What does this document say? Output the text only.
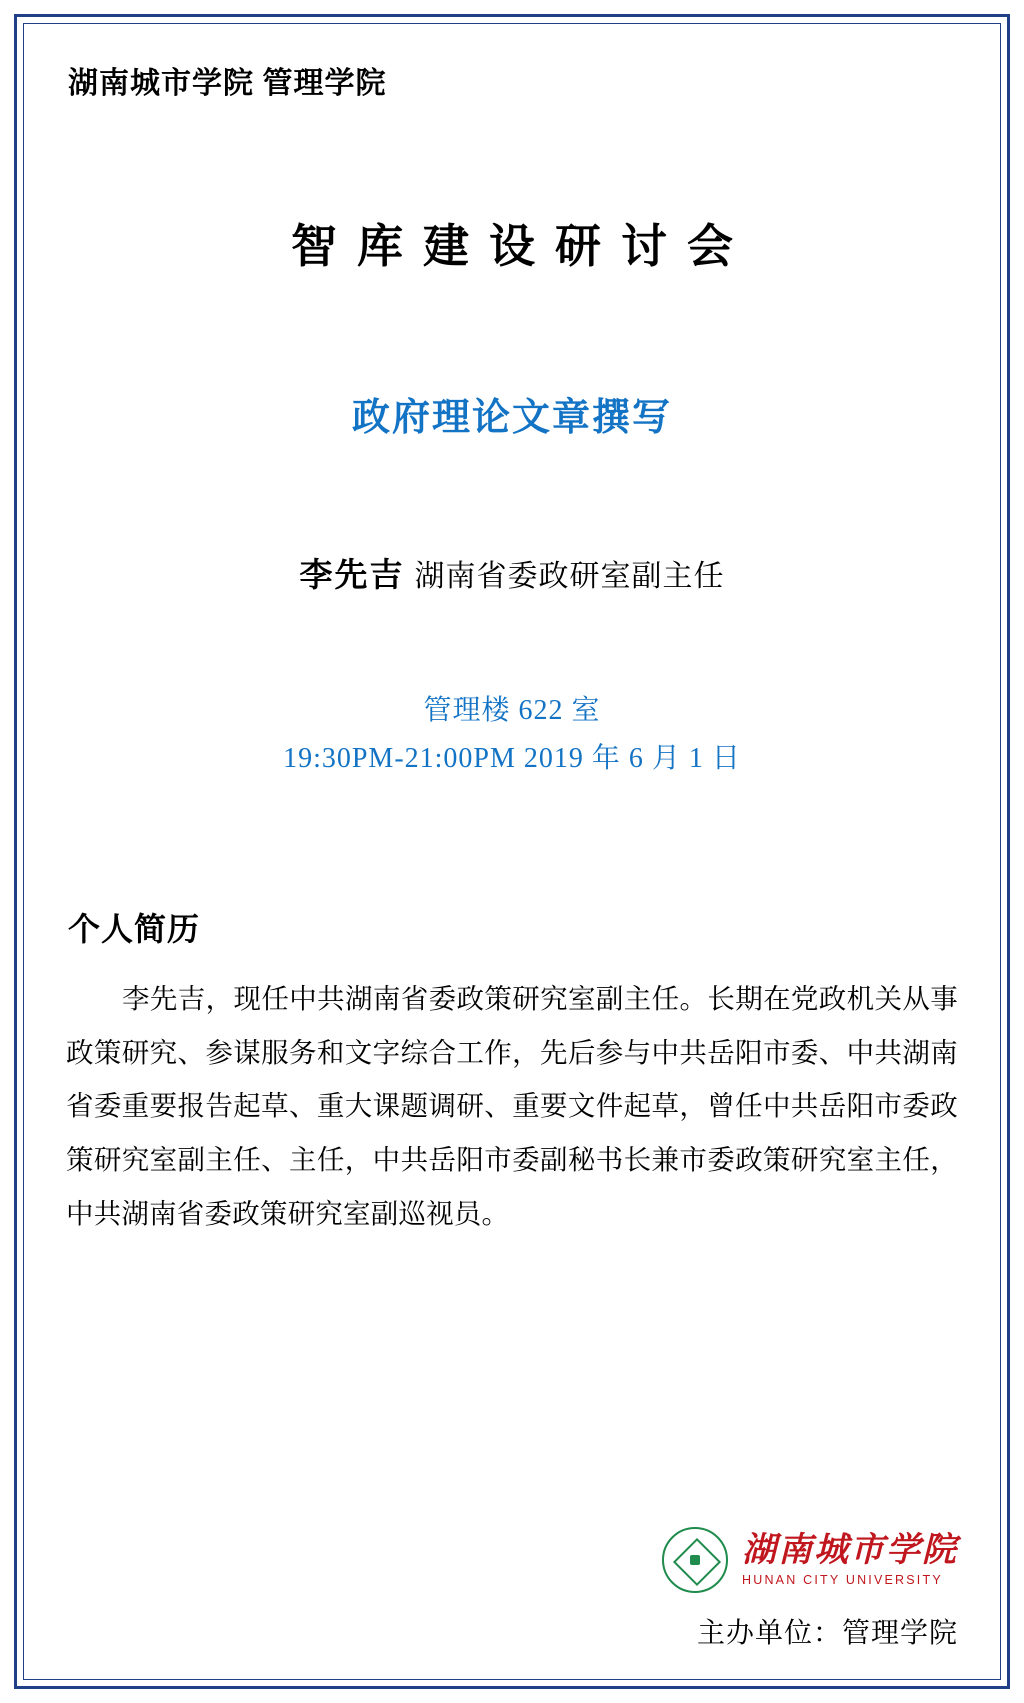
湖南城市学院 管理学院
智库建设研讨会
政府理论文章撰写
李先吉 湖南省委政研室副主任
管理楼 622 室
19:30PM-21:00PM 2019 年 6 月 1 日
个人简历
李先吉，现任中共湖南省委政策研究室副主任。长期在党政机关从事政策研究、参谋服务和文字综合工作，先后参与中共岳阳市委、中共湖南省委重要报告起草、重大课题调研、重要文件起草，曾任中共岳阳市委政策研究室副主任、主任，中共岳阳市委副秘书长兼市委政策研究室主任，中共湖南省委政策研究室副巡视员。
湖南城市学院
HUNAN CITY UNIVERSITY
主办单位：管理学院
